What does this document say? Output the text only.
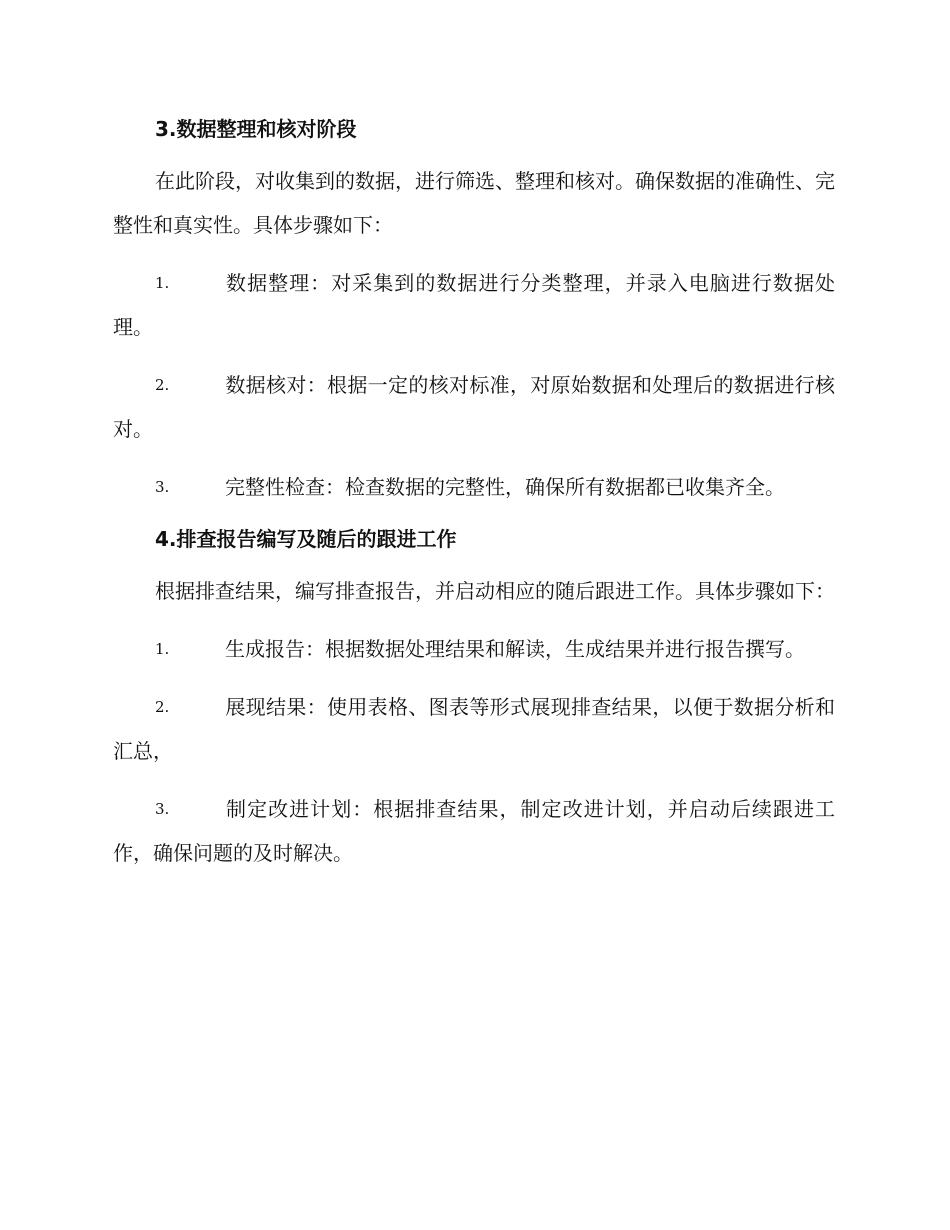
3.数据整理和核对阶段

在此阶段，对收集到的数据，进行筛选、整理和核对。确保数据的准确性、完整性和真实性。具体步骤如下：

1.	数据整理：对采集到的数据进行分类整理，并录入电脑进行数据处理。
2.	数据核对：根据一定的核对标准，对原始数据和处理后的数据进行核对。
3.	完整性检查：检查数据的完整性，确保所有数据都已收集齐全。
4.排查报告编写及随后的跟进工作

根据排查结果，编写排查报告，并启动相应的随后跟进工作。具体步骤如下：

1.	生成报告：根据数据处理结果和解读，生成结果并进行报告撰写。
2.	展现结果：使用表格、图表等形式展现排查结果，以便于数据分析和汇总，
3.	制定改进计划：根据排查结果，制定改进计划，并启动后续跟进工作，确保问题的及时解决。
